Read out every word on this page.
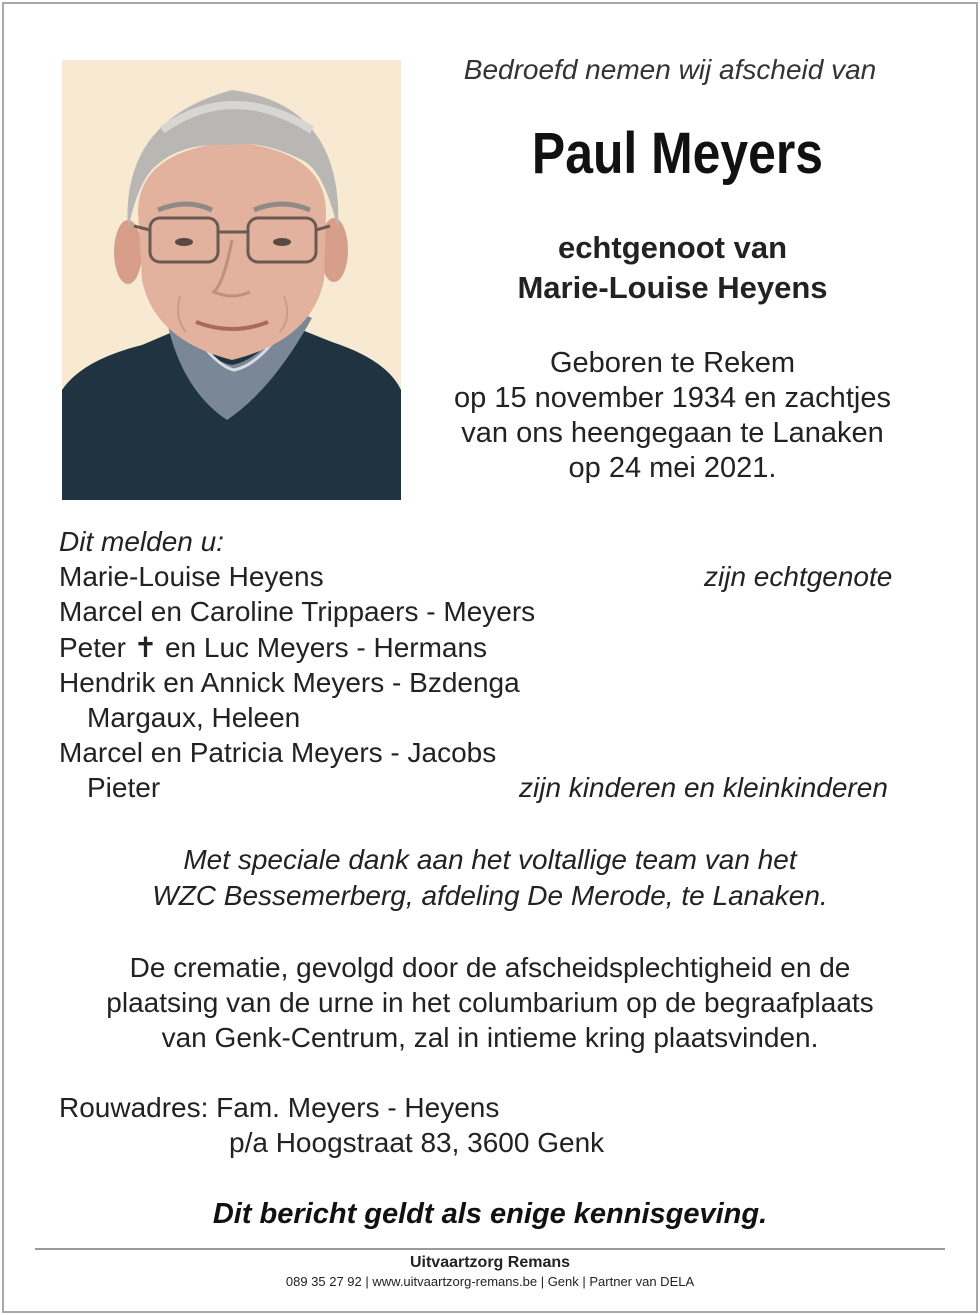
Bedroefd nemen wij afscheid van
Paul Meyers
echtgenoot van
Marie-Louise Heyens
Geboren te Rekem
op 15 november 1934 en zachtjes
van ons heengegaan te Lanaken
op 24 mei 2021.
Dit melden u:
Marie-Louise Heyens	zijn echtgenote
Marcel en Caroline Trippaers - Meyers
Peter ✝ en Luc Meyers - Hermans
Hendrik en Annick Meyers - Bzdenga
Margaux, Heleen
Marcel en Patricia Meyers - Jacobs
Pieter	zijn kinderen en kleinkinderen
Met speciale dank aan het voltallige team van het
WZC Bessemerberg, afdeling De Merode, te Lanaken.
De crematie, gevolgd door de afscheidsplechtigheid en de
plaatsing van de urne in het columbarium op de begraafplaats
van Genk-Centrum, zal in intieme kring plaatsvinden.
Rouwadres: Fam. Meyers - Heyens
p/a Hoogstraat 83, 3600 Genk
Dit bericht geldt als enige kennisgeving.
Uitvaartzorg Remans
089 35 27 92 | www.uitvaartzorg-remans.be | Genk | Partner van DELA
